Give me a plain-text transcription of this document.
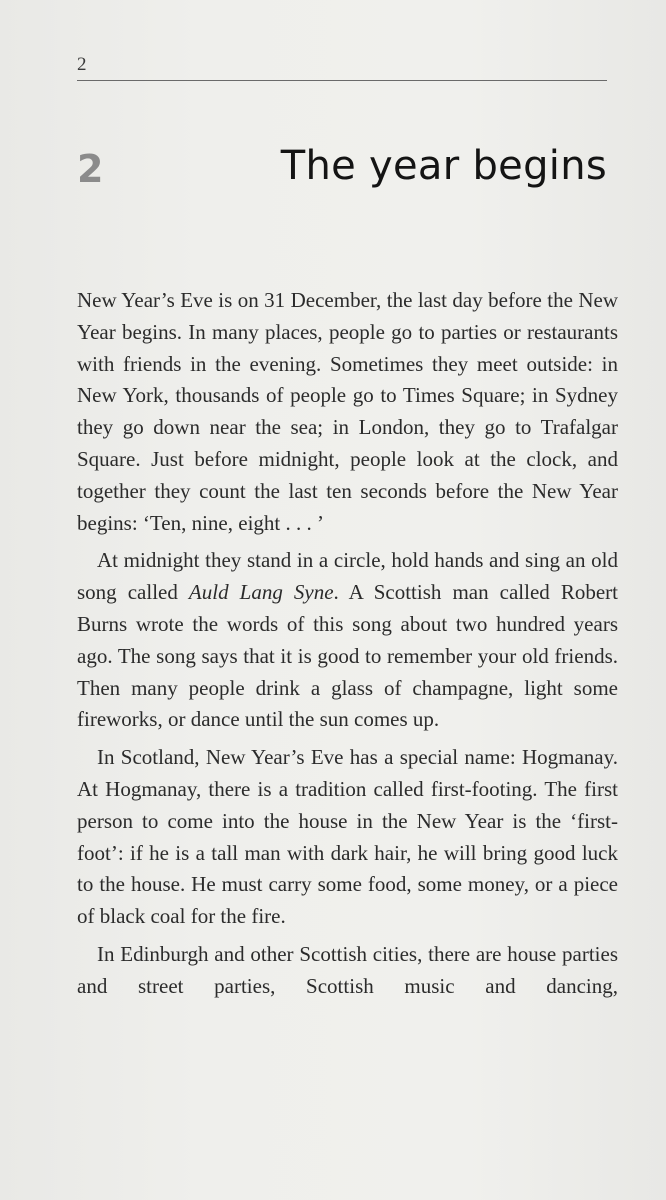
2
2	The year begins

New Year’s Eve is on 31 December, the last day before the New Year begins. In many places, people go to parties or restaurants with friends in the evening. Sometimes they meet outside: in New York, thousands of people go to Times Square; in Sydney they go down near the sea; in London, they go to Trafalgar Square. Just before midnight, people look at the clock, and together they count the last ten seconds before the New Year begins: ‘Ten, nine, eight . . . ’

At midnight they stand in a circle, hold hands and sing an old song called Auld Lang Syne. A Scottish man called Robert Burns wrote the words of this song about two hundred years ago. The song says that it is good to remember your old friends. Then many people drink a glass of champagne, light some fireworks, or dance until the sun comes up.

In Scotland, New Year’s Eve has a special name: Hogmanay. At Hogmanay, there is a tradition called first-footing. The first person to come into the house in the New Year is the ‘first-foot’: if he is a tall man with dark hair, he will bring good luck to the house. He must carry some food, some money, or a piece of black coal for the fire.

In Edinburgh and other Scottish cities, there are house parties and street parties, Scottish music and dancing,
